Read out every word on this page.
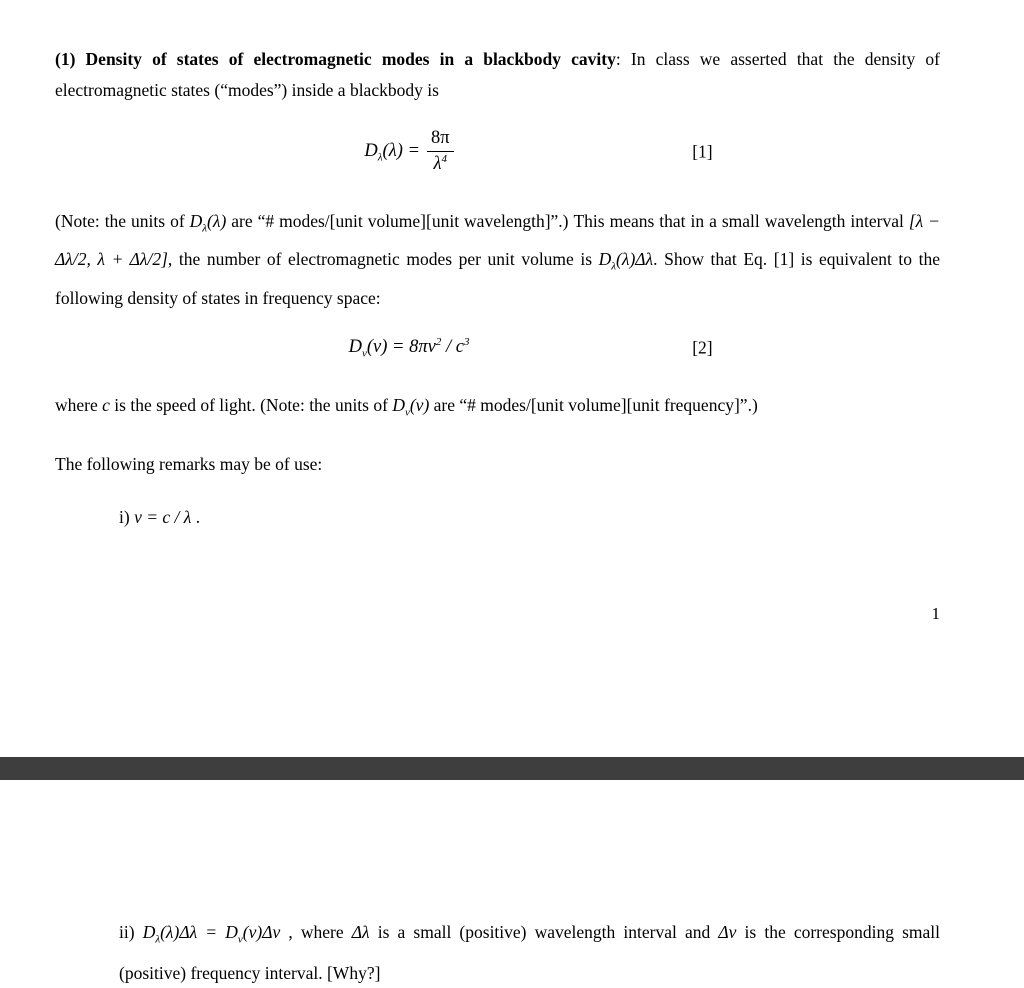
(1) Density of states of electromagnetic modes in a blackbody cavity: In class we asserted that the density of electromagnetic states (“modes”) inside a blackbody is

$D_\lambda(\lambda) = \frac{8\pi}{\lambda^4}$	[1]

(Note: the units of $D_\lambda(\lambda)$ are “# modes/[unit volume][unit wavelength]”.) This means that in a small wavelength interval [λ − Δλ/2, λ + Δλ/2], the number of electromagnetic modes per unit volume is $D_\lambda(\lambda)\Delta\lambda$. Show that Eq. [1] is equivalent to the following density of states in frequency space:

$D_\nu(\nu) = 8\pi\nu^2 / c^3$	[2]

where c is the speed of light. (Note: the units of $D_\nu(\nu)$ are “# modes/[unit volume][unit frequency]”.)

The following remarks may be of use:

i) ν = c / λ .

1

ii) $D_\lambda(\lambda)\Delta\lambda = D_\nu(\nu)\Delta\nu$ , where Δλ is a small (positive) wavelength interval and Δν is the corresponding small (positive) frequency interval. [Why?]
